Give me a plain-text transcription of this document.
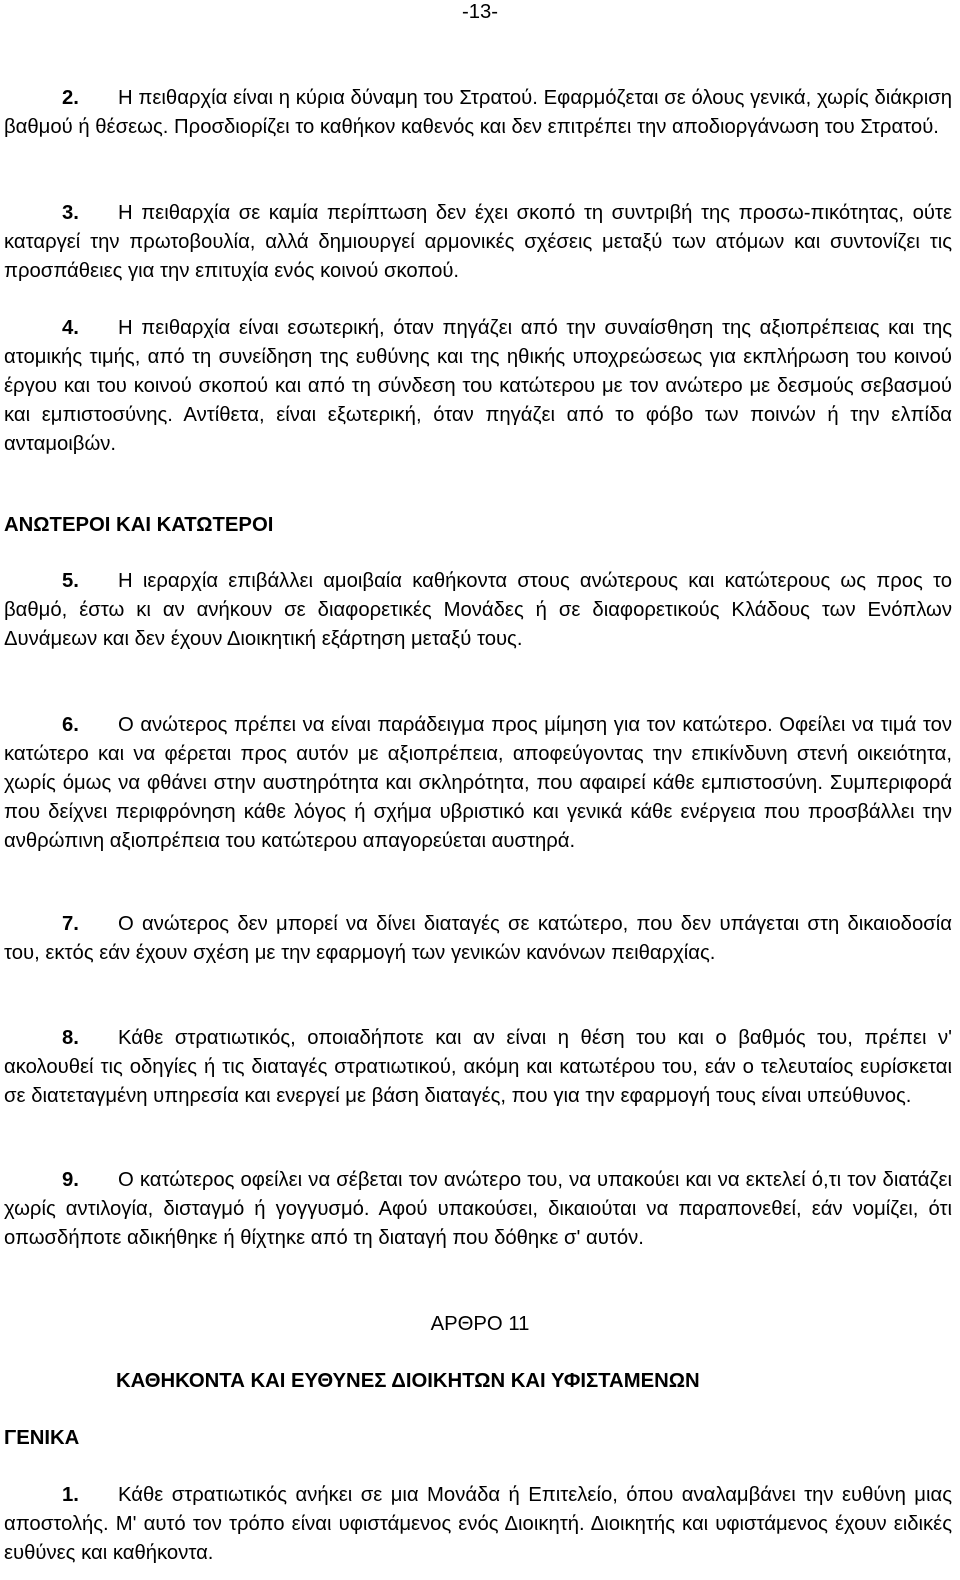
-13-
2. Η πειθαρχία είναι η κύρια δύναμη του Στρατού. Εφαρμόζεται σε όλους γενικά, χωρίς διάκριση βαθμού ή θέσεως. Προσδιορίζει το καθήκον καθενός και δεν επιτρέπει την αποδιοργάνωση του Στρατού.
3. Η πειθαρχία σε καμία περίπτωση δεν έχει σκοπό τη συντριβή της προσω-πικότητας, ούτε καταργεί την πρωτοβουλία, αλλά δημιουργεί αρμονικές σχέσεις μεταξύ των ατόμων και συντονίζει τις προσπάθειες για την επιτυχία ενός κοινού σκοπού.
4. Η πειθαρχία είναι εσωτερική, όταν πηγάζει από την συναίσθηση της αξιοπρέπειας και της ατομικής τιμής, από τη συνείδηση της ευθύνης και της ηθικής υποχρεώσεως για εκπλήρωση του κοινού έργου και του κοινού σκοπού και από τη σύνδεση του κατώτερου με τον ανώτερο με δεσμούς σεβασμού και εμπιστοσύνης. Αντίθετα, είναι εξωτερική, όταν πηγάζει από το φόβο των ποινών ή την ελπίδα ανταμοιβών.
ΑΝΩΤΕΡΟΙ ΚΑΙ ΚΑΤΩΤΕΡΟΙ
5. Η ιεραρχία επιβάλλει αμοιβαία καθήκοντα στους ανώτερους και κατώτερους ως προς το βαθμό, έστω κι αν ανήκουν σε διαφορετικές Μονάδες ή σε διαφορετικούς Κλάδους των Ενόπλων Δυνάμεων και δεν έχουν Διοικητική εξάρτηση μεταξύ τους.
6. Ο ανώτερος πρέπει να είναι παράδειγμα προς μίμηση για τον κατώτερο. Οφείλει να τιμά τον κατώτερο και να φέρεται προς αυτόν με αξιοπρέπεια, αποφεύγοντας την επικίνδυνη στενή οικειότητα, χωρίς όμως να φθάνει στην αυστηρότητα και σκληρότητα, που αφαιρεί κάθε εμπιστοσύνη. Συμπεριφορά που δείχνει περιφρόνηση κάθε λόγος ή σχήμα υβριστικό και γενικά κάθε ενέργεια που προσβάλλει την ανθρώπινη αξιοπρέπεια του κατώτερου απαγορεύεται αυστηρά.
7. Ο ανώτερος δεν μπορεί να δίνει διαταγές σε κατώτερο, που δεν υπάγεται στη δικαιοδοσία του, εκτός εάν έχουν σχέση με την εφαρμογή των γενικών κανόνων πειθαρχίας.
8. Κάθε στρατιωτικός, οποιαδήποτε και αν είναι η θέση του και ο βαθμός του, πρέπει ν' ακολουθεί τις οδηγίες ή τις διαταγές στρατιωτικού, ακόμη και κατωτέρου του, εάν ο τελευταίος ευρίσκεται σε διατεταγμένη υπηρεσία και ενεργεί με βάση διαταγές, που για την εφαρμογή τους είναι υπεύθυνος.
9. Ο κατώτερος οφείλει να σέβεται τον ανώτερο του, να υπακούει και να εκτελεί ό,τι τον διατάζει χωρίς αντιλογία, δισταγμό ή γογγυσμό. Αφού υπακούσει, δικαιούται να παραπονεθεί, εάν νομίζει, ότι οπωσδήποτε αδικήθηκε ή θίχτηκε από τη διαταγή που δόθηκε σ' αυτόν.
ΑΡΘΡΟ 11
ΚΑΘΗΚΟΝΤΑ ΚΑΙ ΕΥΘΥΝΕΣ ΔΙΟΙΚΗΤΩΝ ΚΑΙ ΥΦΙΣΤΑΜΕΝΩΝ
ΓΕΝΙΚΑ
1. Κάθε στρατιωτικός ανήκει σε μια Μονάδα ή Επιτελείο, όπου αναλαμβάνει την ευθύνη μιας αποστολής. Μ' αυτό τον τρόπο είναι υφιστάμενος ενός Διοικητή. Διοικητής και υφιστάμενος έχουν ειδικές ευθύνες και καθήκοντα.
